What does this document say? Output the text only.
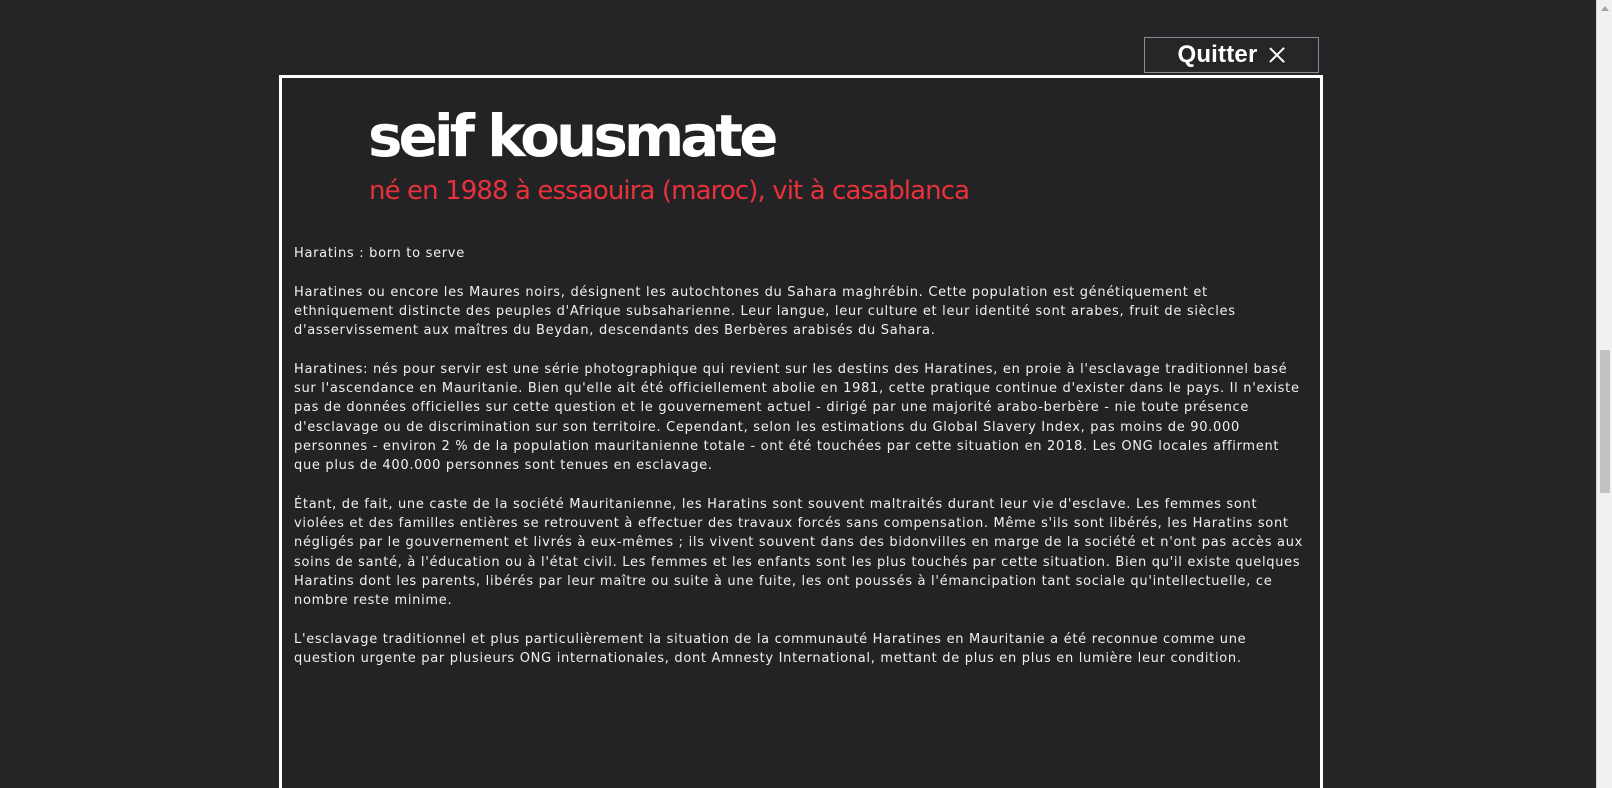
Quitter
seif kousmate
né en 1988 à essaouira (maroc), vit à casablanca

Haratins : born to serve

Haratines ou encore les Maures noirs, désignent les autochtones du Sahara maghrébin. Cette population est génétiquement et ethniquement distincte des peuples d'Afrique subsaharienne. Leur langue, leur culture et leur identité sont arabes, fruit de siècles d'asservissement aux maîtres du Beydan, descendants des Berbères arabisés du Sahara.

Haratines: nés pour servir est une série photographique qui revient sur les destins des Haratines, en proie à l'esclavage traditionnel basé sur l'ascendance en Mauritanie. Bien qu'elle ait été officiellement abolie en 1981, cette pratique continue d'exister dans le pays. Il n'existe pas de données officielles sur cette question et le gouvernement actuel - dirigé par une majorité arabo-berbère - nie toute présence d'esclavage ou de discrimination sur son territoire. Cependant, selon les estimations du Global Slavery Index, pas moins de 90.000 personnes - environ 2 % de la population mauritanienne totale - ont été touchées par cette situation en 2018. Les ONG locales affirment que plus de 400.000 personnes sont tenues en esclavage.

Étant, de fait, une caste de la société Mauritanienne, les Haratins sont souvent maltraités durant leur vie d'esclave. Les femmes sont violées et des familles entières se retrouvent à effectuer des travaux forcés sans compensation. Même s'ils sont libérés, les Haratins sont négligés par le gouvernement et livrés à eux-mêmes ; ils vivent souvent dans des bidonvilles en marge de la société et n'ont pas accès aux soins de santé, à l'éducation ou à l'état civil. Les femmes et les enfants sont les plus touchés par cette situation. Bien qu'il existe quelques Haratins dont les parents, libérés par leur maître ou suite à une fuite, les ont poussés à l'émancipation tant sociale qu'intellectuelle, ce nombre reste minime.

L'esclavage traditionnel et plus particulièrement la situation de la communauté Haratines en Mauritanie a été reconnue comme une question urgente par plusieurs ONG internationales, dont Amnesty International, mettant de plus en plus en lumière leur condition.
